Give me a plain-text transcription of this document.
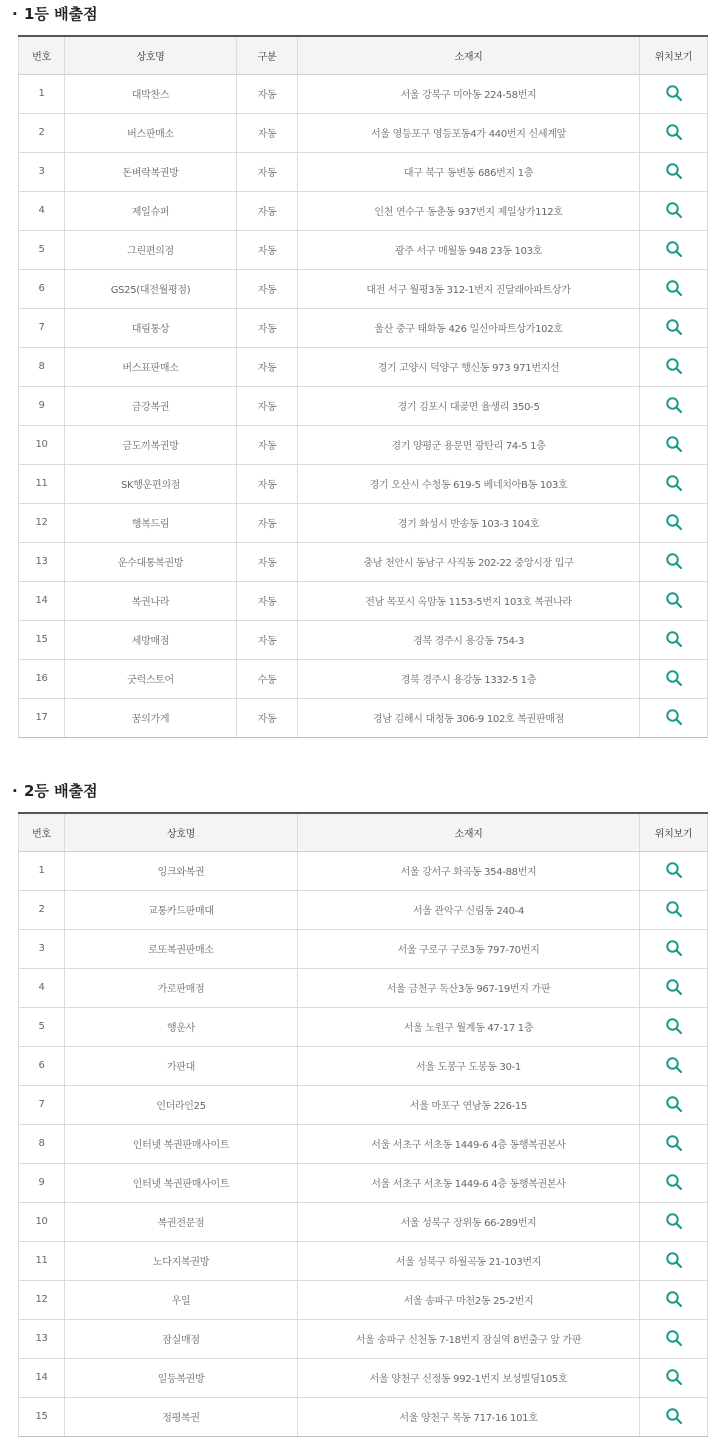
· 1등 배출점
번호	상호명	구분	소재지	위치보기
1	대박찬스	자동	서울 강북구 미아동 224-58번지	

2	버스판매소	자동	서울 영등포구 영등포동4가 440번지 신세계앞	

3	돈벼락복권방	자동	대구 북구 동변동 686번지 1층	

4	제일슈퍼	자동	인천 연수구 동춘동 937번지 제일상가112호	

5	그린편의점	자동	광주 서구 매월동 948 23동 103호	

6	GS25(대전월평점)	자동	대전 서구 월평3동 312-1번지 진달래아파트상가	

7	대림통상	자동	울산 중구 태화동 426 일신아파트상가102호	

8	버스표판매소	자동	경기 고양시 덕양구 행신동 973 971번지선	

9	금강복권	자동	경기 김포시 대곶면 율생리 350-5	

10	금도끼복권방	자동	경기 양평군 용문면 광탄리 74-5 1층	

11	SK행운편의점	자동	경기 오산시 수청동 619-5 베네치아B동 103호	

12	행복드림	자동	경기 화성시 반송동 103-3 104호	

13	운수대통복권방	자동	충남 천안시 동남구 사직동 202-22 중앙시장 입구	

14	복권나라	자동	전남 목포시 옥암동 1153-5번지 103호 복권나라	

15	세방매점	자동	경북 경주시 용강동 754-3	

16	굿럭스토어	수동	경북 경주시 용강동 1332-5 1층	

17	꿈의가게	자동	경남 김해시 대청동 306-9 102호 복권판매점	
· 2등 배출점
번호	상호명	소재지	위치보기
1	잉크와복권	서울 강서구 화곡동 354-88번지	

2	교통카드판매대	서울 관악구 신림동 240-4	

3	로또복권판매소	서울 구로구 구로3동 797-70번지	

4	가로판매점	서울 금천구 독산3동 967-19번지 가판	

5	행운사	서울 노원구 월계동 47-17 1층	

6	가판대	서울 도봉구 도봉동 30-1	

7	인더라인25	서울 마포구 연남동 226-15	

8	인터넷 복권판매사이트	서울 서초구 서초동 1449-6 4층 동행복권본사	

9	인터넷 복권판매사이트	서울 서초구 서초동 1449-6 4층 동행복권본사	

10	복권전문점	서울 성북구 장위동 66-289번지	

11	노다지복권방	서울 성북구 하월곡동 21-103번지	

12	우일	서울 송파구 마천2동 25-2번지	

13	잠실매점	서울 송파구 신천동 7-18번지 잠실역 8번출구 앞 가판	

14	일등복권방	서울 양천구 신정동 992-1번지 보성빌딩105호	

15	정평복권	서울 양천구 목동 717-16 101호	
